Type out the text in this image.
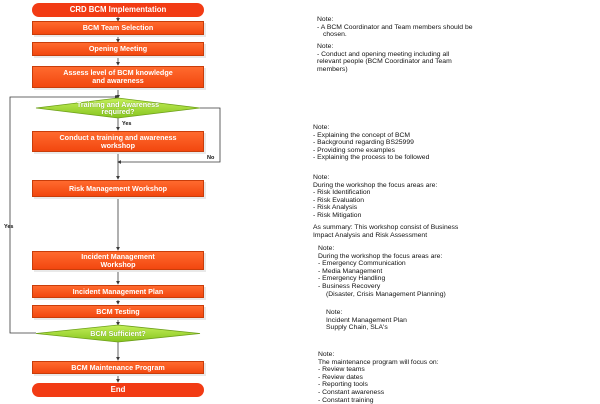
CRD BCM Implementation
BCM Team Selection
Opening Meeting
Assess level of BCM knowledge and awareness
Training and Awareness required?
Conduct a training and awareness workshop
Risk Management Workshop
Incident Management Workshop
Incident Management Plan
BCM Testing
BCM Sufficient?
BCM Maintenance Program
End
Yes
No
Yes
Note:
- A BCM Coordinator and Team members should be
chosen.
Note:
- Conduct and opening meeting including all
relevant people (BCM Coordinator and Team
members)
Note:
- Explaining the concept of BCM
- Background regarding BS25999
- Providing some examples
- Explaining the process to be followed
Note:
During the workshop the focus areas are:
- Risk Identification
- Risk Evaluation
- Risk Analysis
- Risk Mitigation
As summary: This workshop consist of Business
Impact Analysis and Risk Assessment
Note:
During the workshop the focus areas are:
- Emergency Communication
- Media Management
- Emergency Handling
- Business Recovery
(Disaster, Crisis Management Planning)
Note:
Incident Management Plan
Supply Chain, SLA's
Note:
The maintenance program will focus on:
- Review teams
- Review dates
- Reporting tools
- Constant awareness
- Constant training
